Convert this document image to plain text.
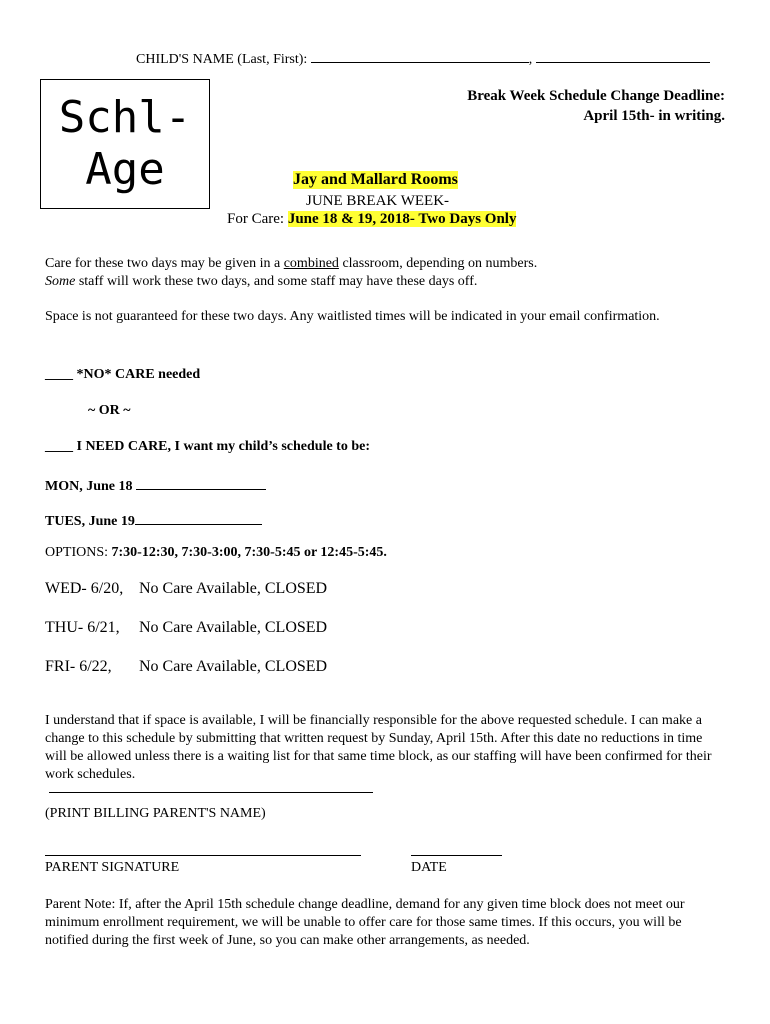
CHILD'S NAME (Last, First):	,
Schl-
Age
Break Week Schedule Change Deadline:
April 15th- in writing.
Jay and Mallard Rooms
JUNE BREAK WEEK-
For Care: June 18 & 19, 2018- Two Days Only
Care for these two days may be given in a combined classroom, depending on numbers.
Some staff will work these two days, and some staff may have these days off.
Space is not guaranteed for these two days. Any waitlisted times will be indicated in your email confirmation.
____ *NO* CARE needed
~ OR ~
____ I NEED CARE, I want my child’s schedule to be:
MON, June 18
TUES, June 19
OPTIONS: 7:30-12:30, 7:30-3:00, 7:30-5:45 or 12:45-5:45.
WED- 6/20, No Care Available, CLOSED
THU- 6/21, No Care Available, CLOSED
FRI- 6/22, No Care Available, CLOSED
I understand that if space is available, I will be financially responsible for the above requested schedule. I can make a change to this schedule by submitting that written request by Sunday, April 15th. After this date no reductions in time will be allowed unless there is a waiting list for that same time block, as our staffing will have been confirmed for their work schedules.
(PRINT BILLING PARENT'S NAME)
PARENT SIGNATURE	DATE
Parent Note: If, after the April 15th schedule change deadline, demand for any given time block does not meet our minimum enrollment requirement, we will be unable to offer care for those same times. If this occurs, you will be notified during the first week of June, so you can make other arrangements, as needed.
